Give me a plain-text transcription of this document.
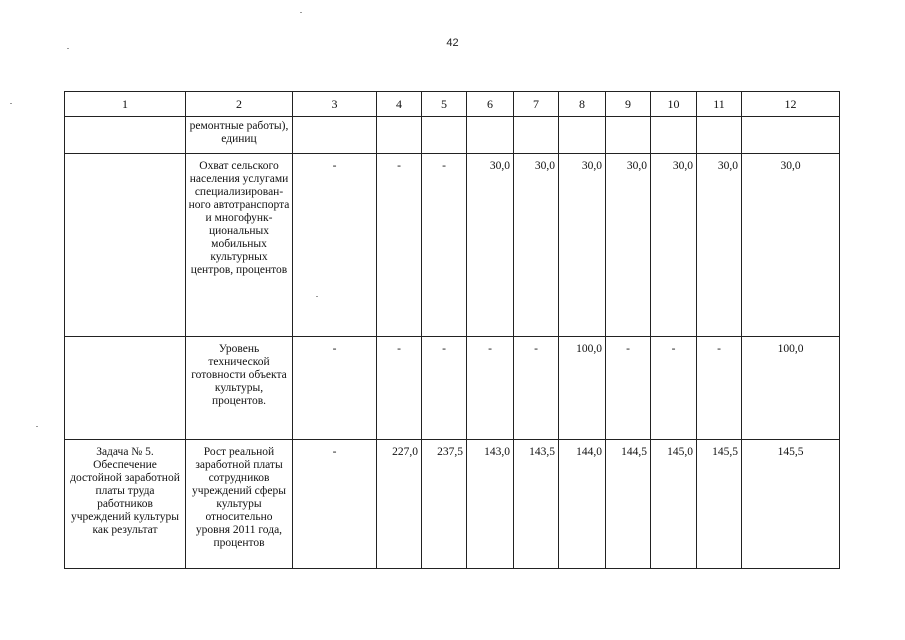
42
1	2	3	4	5	6	7	8	9	10	11	12
	ремонтные работы), единиц										
	Охват сельского населения услугами специализирован-ного автотранспорта и многофунк-циональных мобильных культурных центров, процентов	-	-	-	30,0	30,0	30,0	30,0	30,0	30,0	30,0
	Уровень технической готовности объекта культуры, процентов.	-	-	-	-	-	100,0	-	-	-	100,0
Задача № 5. Обеспечение достойной заработной платы труда работников учреждений культуры как результат	Рост реальной заработной платы сотрудников учреждений сферы культуры относительно уровня 2011 года, процентов	-	227,0	237,5	143,0	143,5	144,0	144,5	145,0	145,5	145,5
